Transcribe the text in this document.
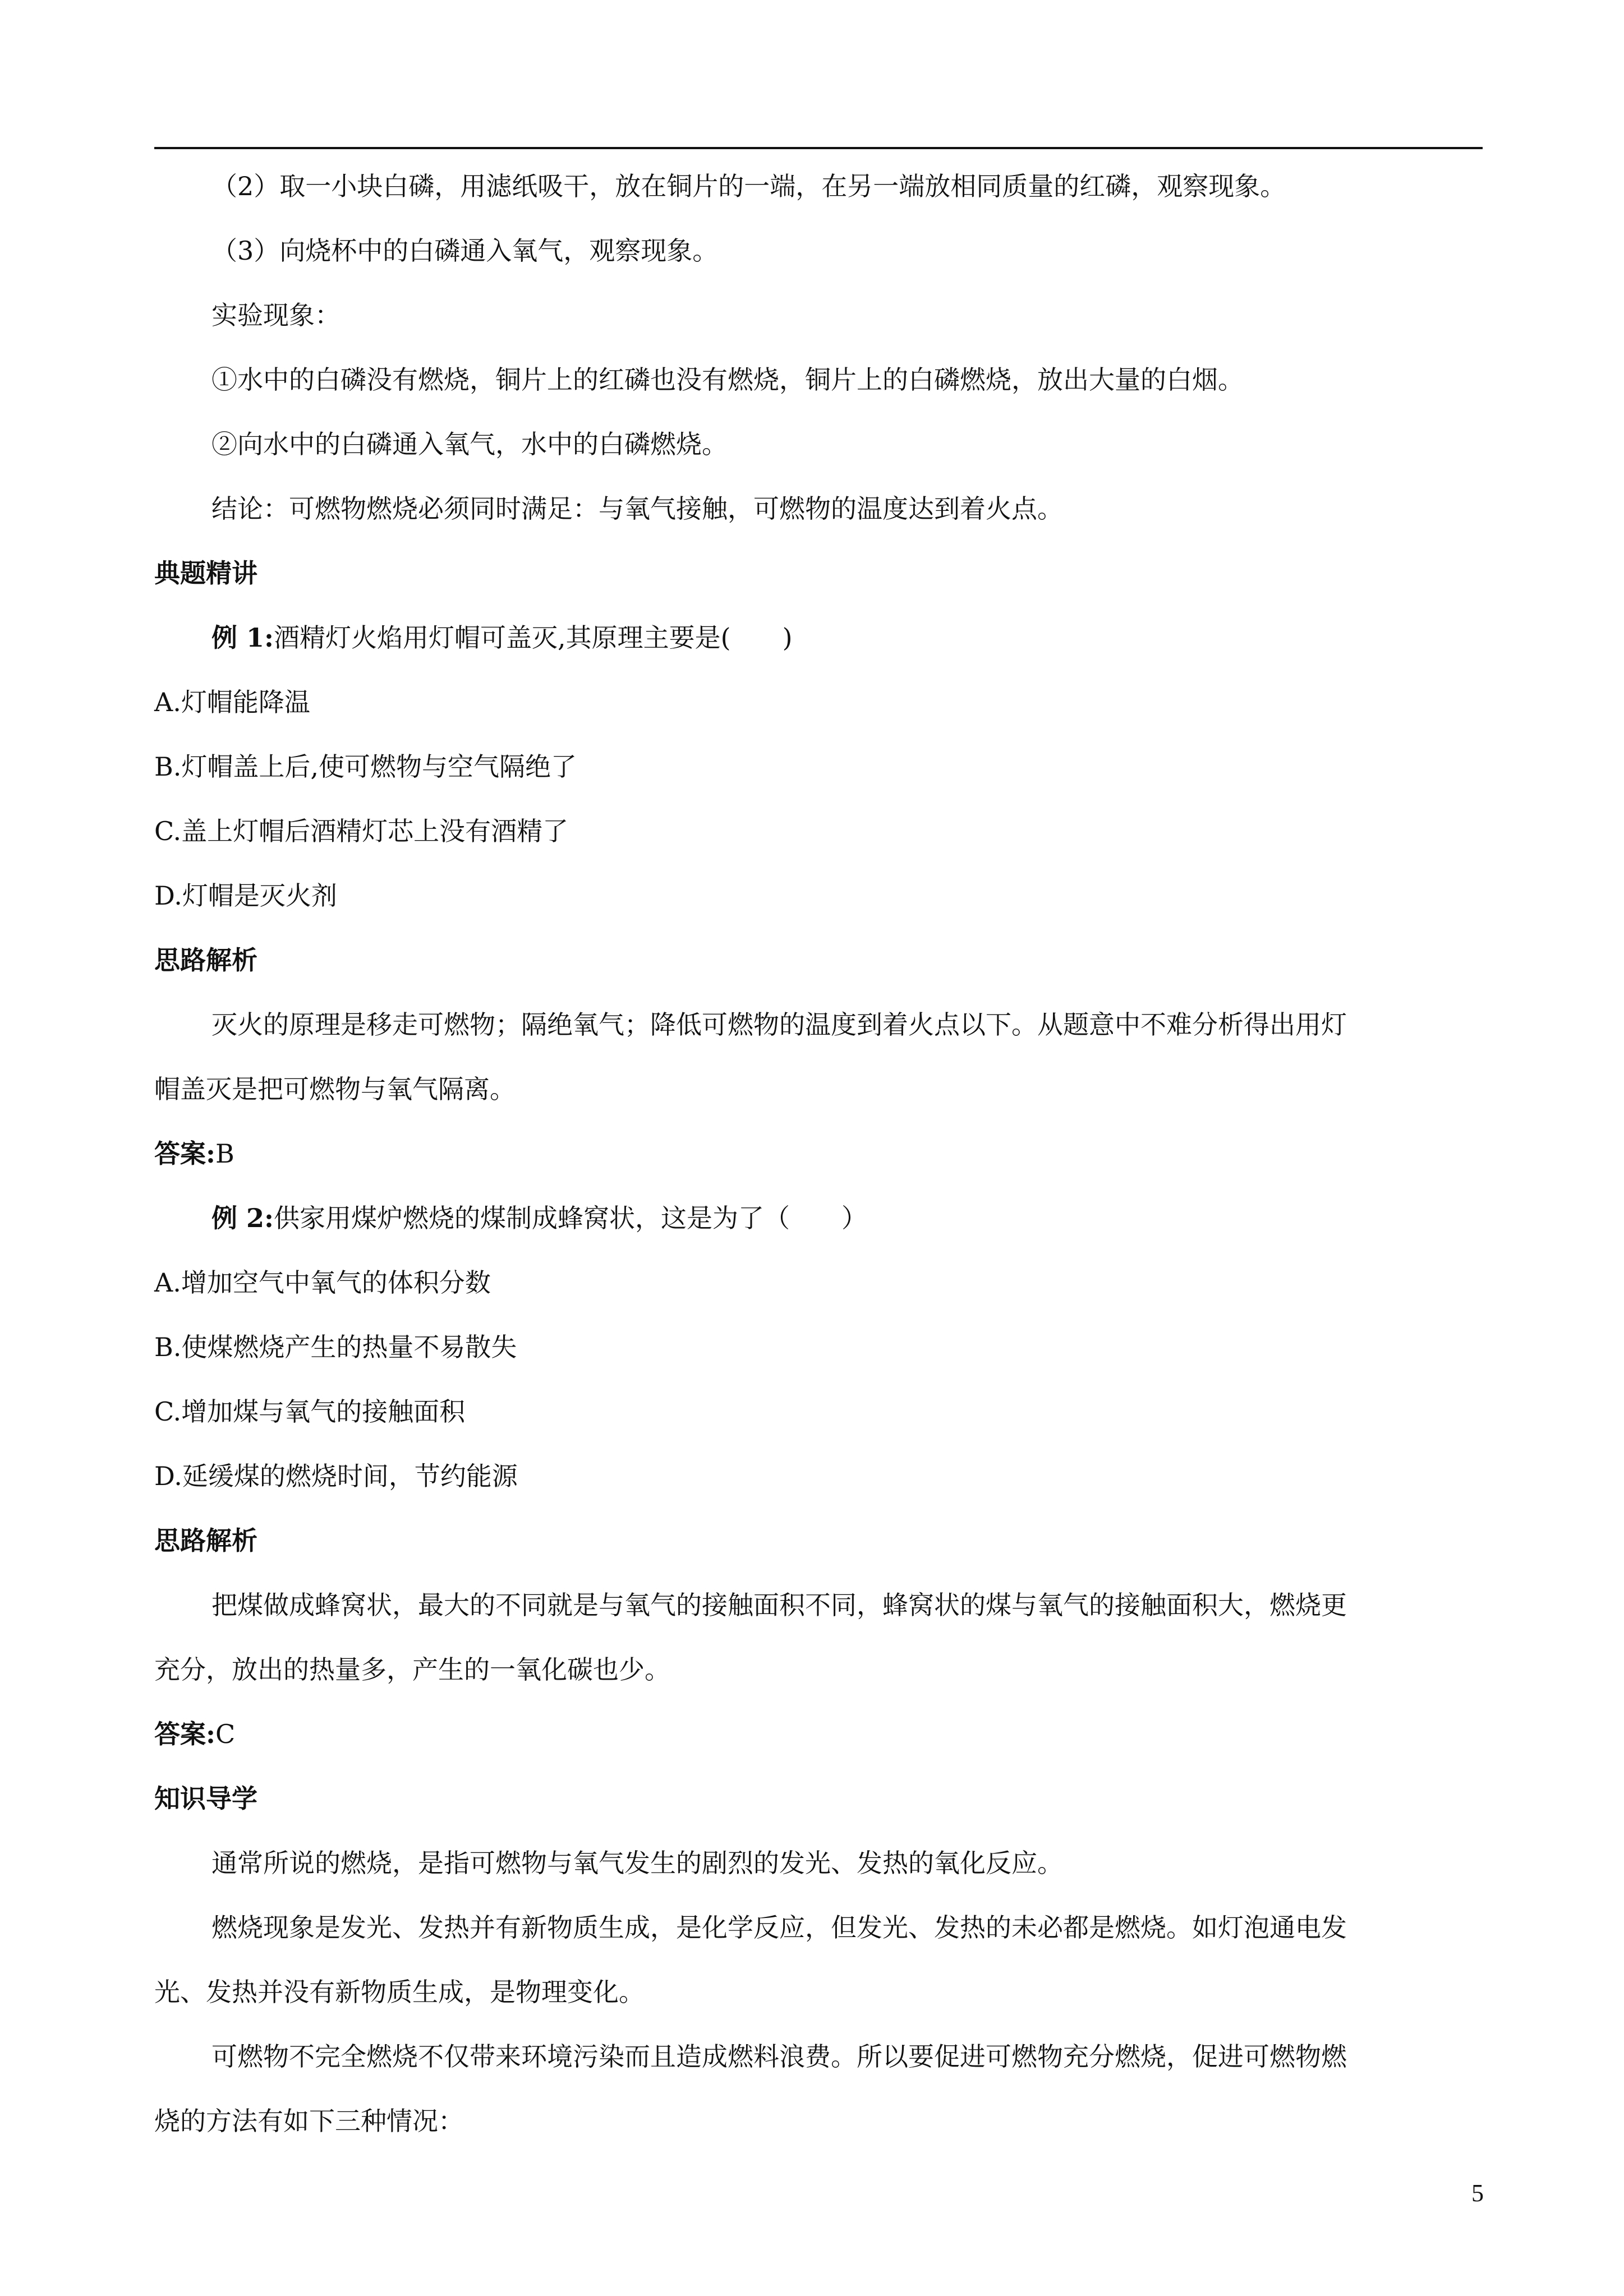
（2）取一小块白磷，用滤纸吸干，放在铜片的一端，在另一端放相同质量的红磷，观察现象。
（3）向烧杯中的白磷通入氧气，观察现象。
实验现象：
①水中的白磷没有燃烧，铜片上的红磷也没有燃烧，铜片上的白磷燃烧，放出大量的白烟。
②向水中的白磷通入氧气，水中的白磷燃烧。
结论：可燃物燃烧必须同时满足：与氧气接触，可燃物的温度达到着火点。
典题精讲
例 1:酒精灯火焰用灯帽可盖灭,其原理主要是(　　)
A.灯帽能降温
B.灯帽盖上后,使可燃物与空气隔绝了
C.盖上灯帽后酒精灯芯上没有酒精了
D.灯帽是灭火剂
思路解析
灭火的原理是移走可燃物；隔绝氧气；降低可燃物的温度到着火点以下。从题意中不难分析得出用灯
帽盖灭是把可燃物与氧气隔离。
答案:B
例 2:供家用煤炉燃烧的煤制成蜂窝状，这是为了（　　）
A.增加空气中氧气的体积分数
B.使煤燃烧产生的热量不易散失
C.增加煤与氧气的接触面积
D.延缓煤的燃烧时间，节约能源
思路解析
把煤做成蜂窝状，最大的不同就是与氧气的接触面积不同，蜂窝状的煤与氧气的接触面积大，燃烧更
充分，放出的热量多，产生的一氧化碳也少。
答案:C
知识导学
通常所说的燃烧，是指可燃物与氧气发生的剧烈的发光、发热的氧化反应。
燃烧现象是发光、发热并有新物质生成，是化学反应，但发光、发热的未必都是燃烧。如灯泡通电发
光、发热并没有新物质生成，是物理变化。
可燃物不完全燃烧不仅带来环境污染而且造成燃料浪费。所以要促进可燃物充分燃烧，促进可燃物燃
烧的方法有如下三种情况：
5
